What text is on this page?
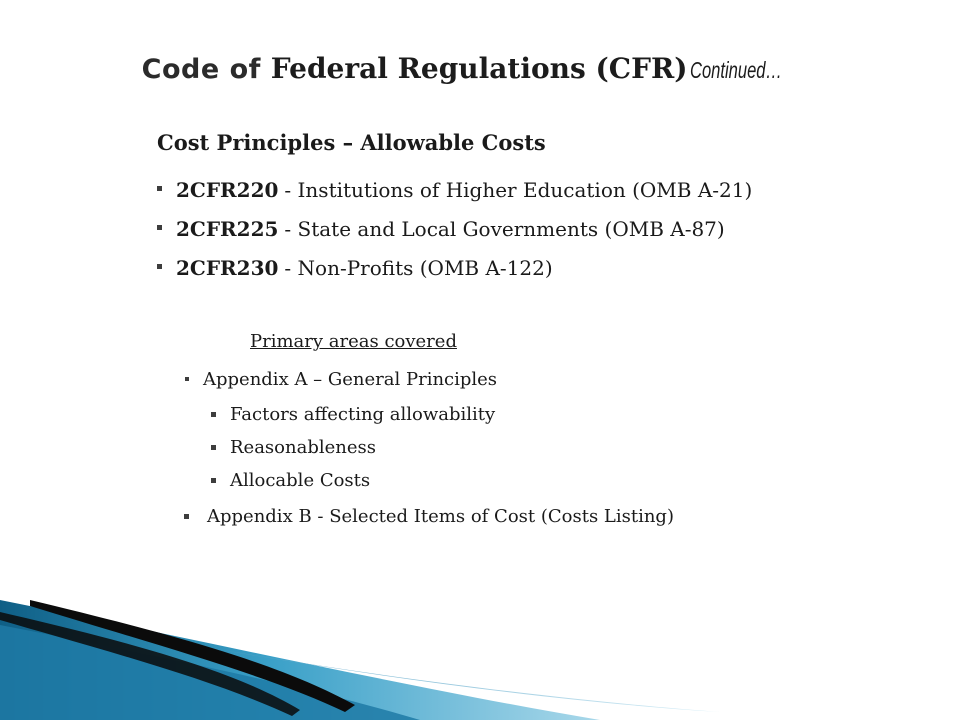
Code of Federal Regulations (CFR) Continued…
Cost Principles – Allowable Costs
2CFR220 - Institutions of Higher Education (OMB A-21)
2CFR225 - State and Local Governments (OMB A-87)
2CFR230 - Non-Profits (OMB A-122)
Primary areas covered
Appendix A – General Principles
Factors affecting allowability
Reasonableness
Allocable Costs
Appendix B - Selected Items of Cost (Costs Listing)
